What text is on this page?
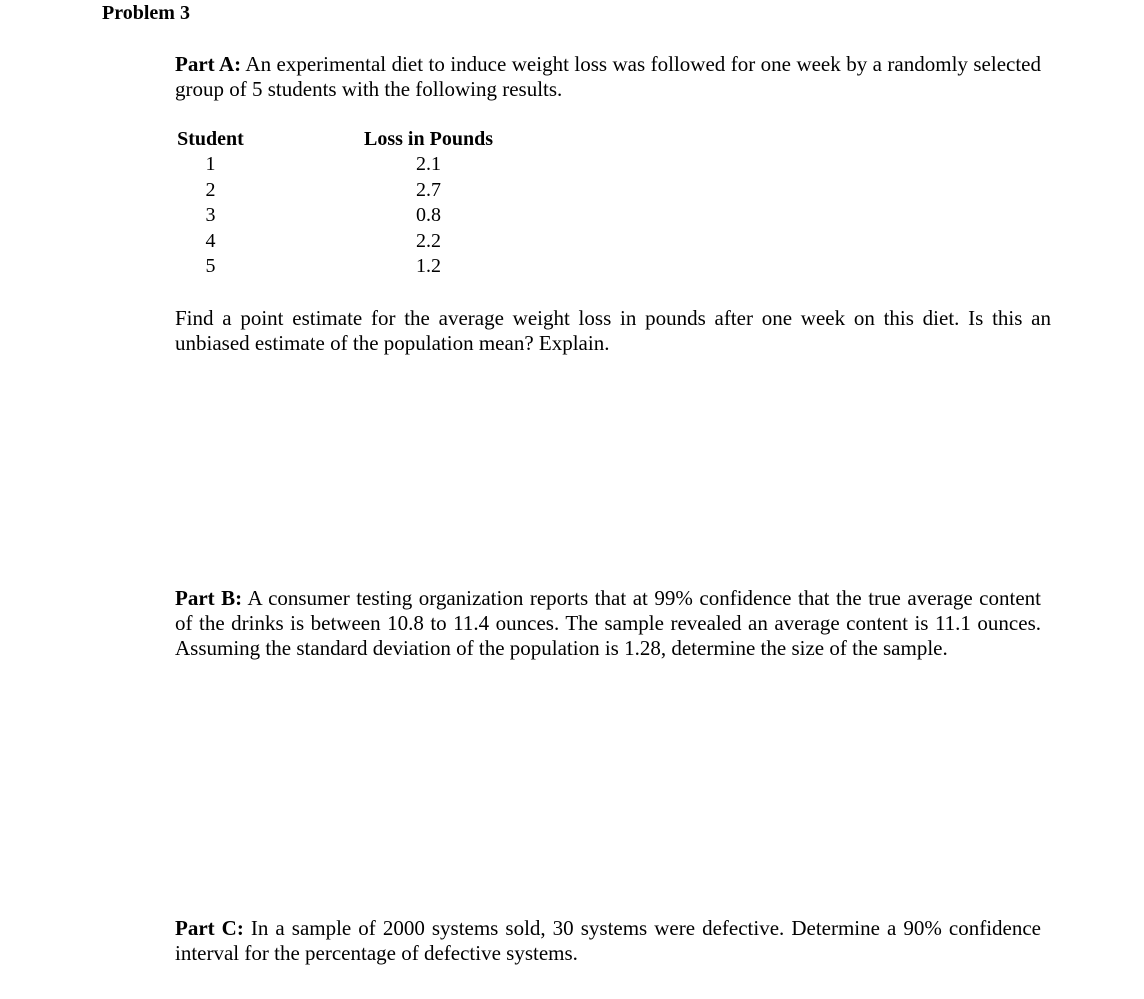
Problem 3

Part A: An experimental diet to induce weight loss was followed for one week by a randomly selected group of 5 students with the following results.

Student		Loss in Pounds
1		2.1
2		2.7
3		0.8
4		2.2
5		1.2

Find a point estimate for the average weight loss in pounds after one week on this diet. Is this an unbiased estimate of the population mean? Explain.

Part B: A consumer testing organization reports that at 99% confidence that the true average content of the drinks is between 10.8 to 11.4 ounces. The sample revealed an average content is 11.1 ounces. Assuming the standard deviation of the population is 1.28, determine the size of the sample.

Part C: In a sample of 2000 systems sold, 30 systems were defective. Determine a 90% confidence interval for the percentage of defective systems.
